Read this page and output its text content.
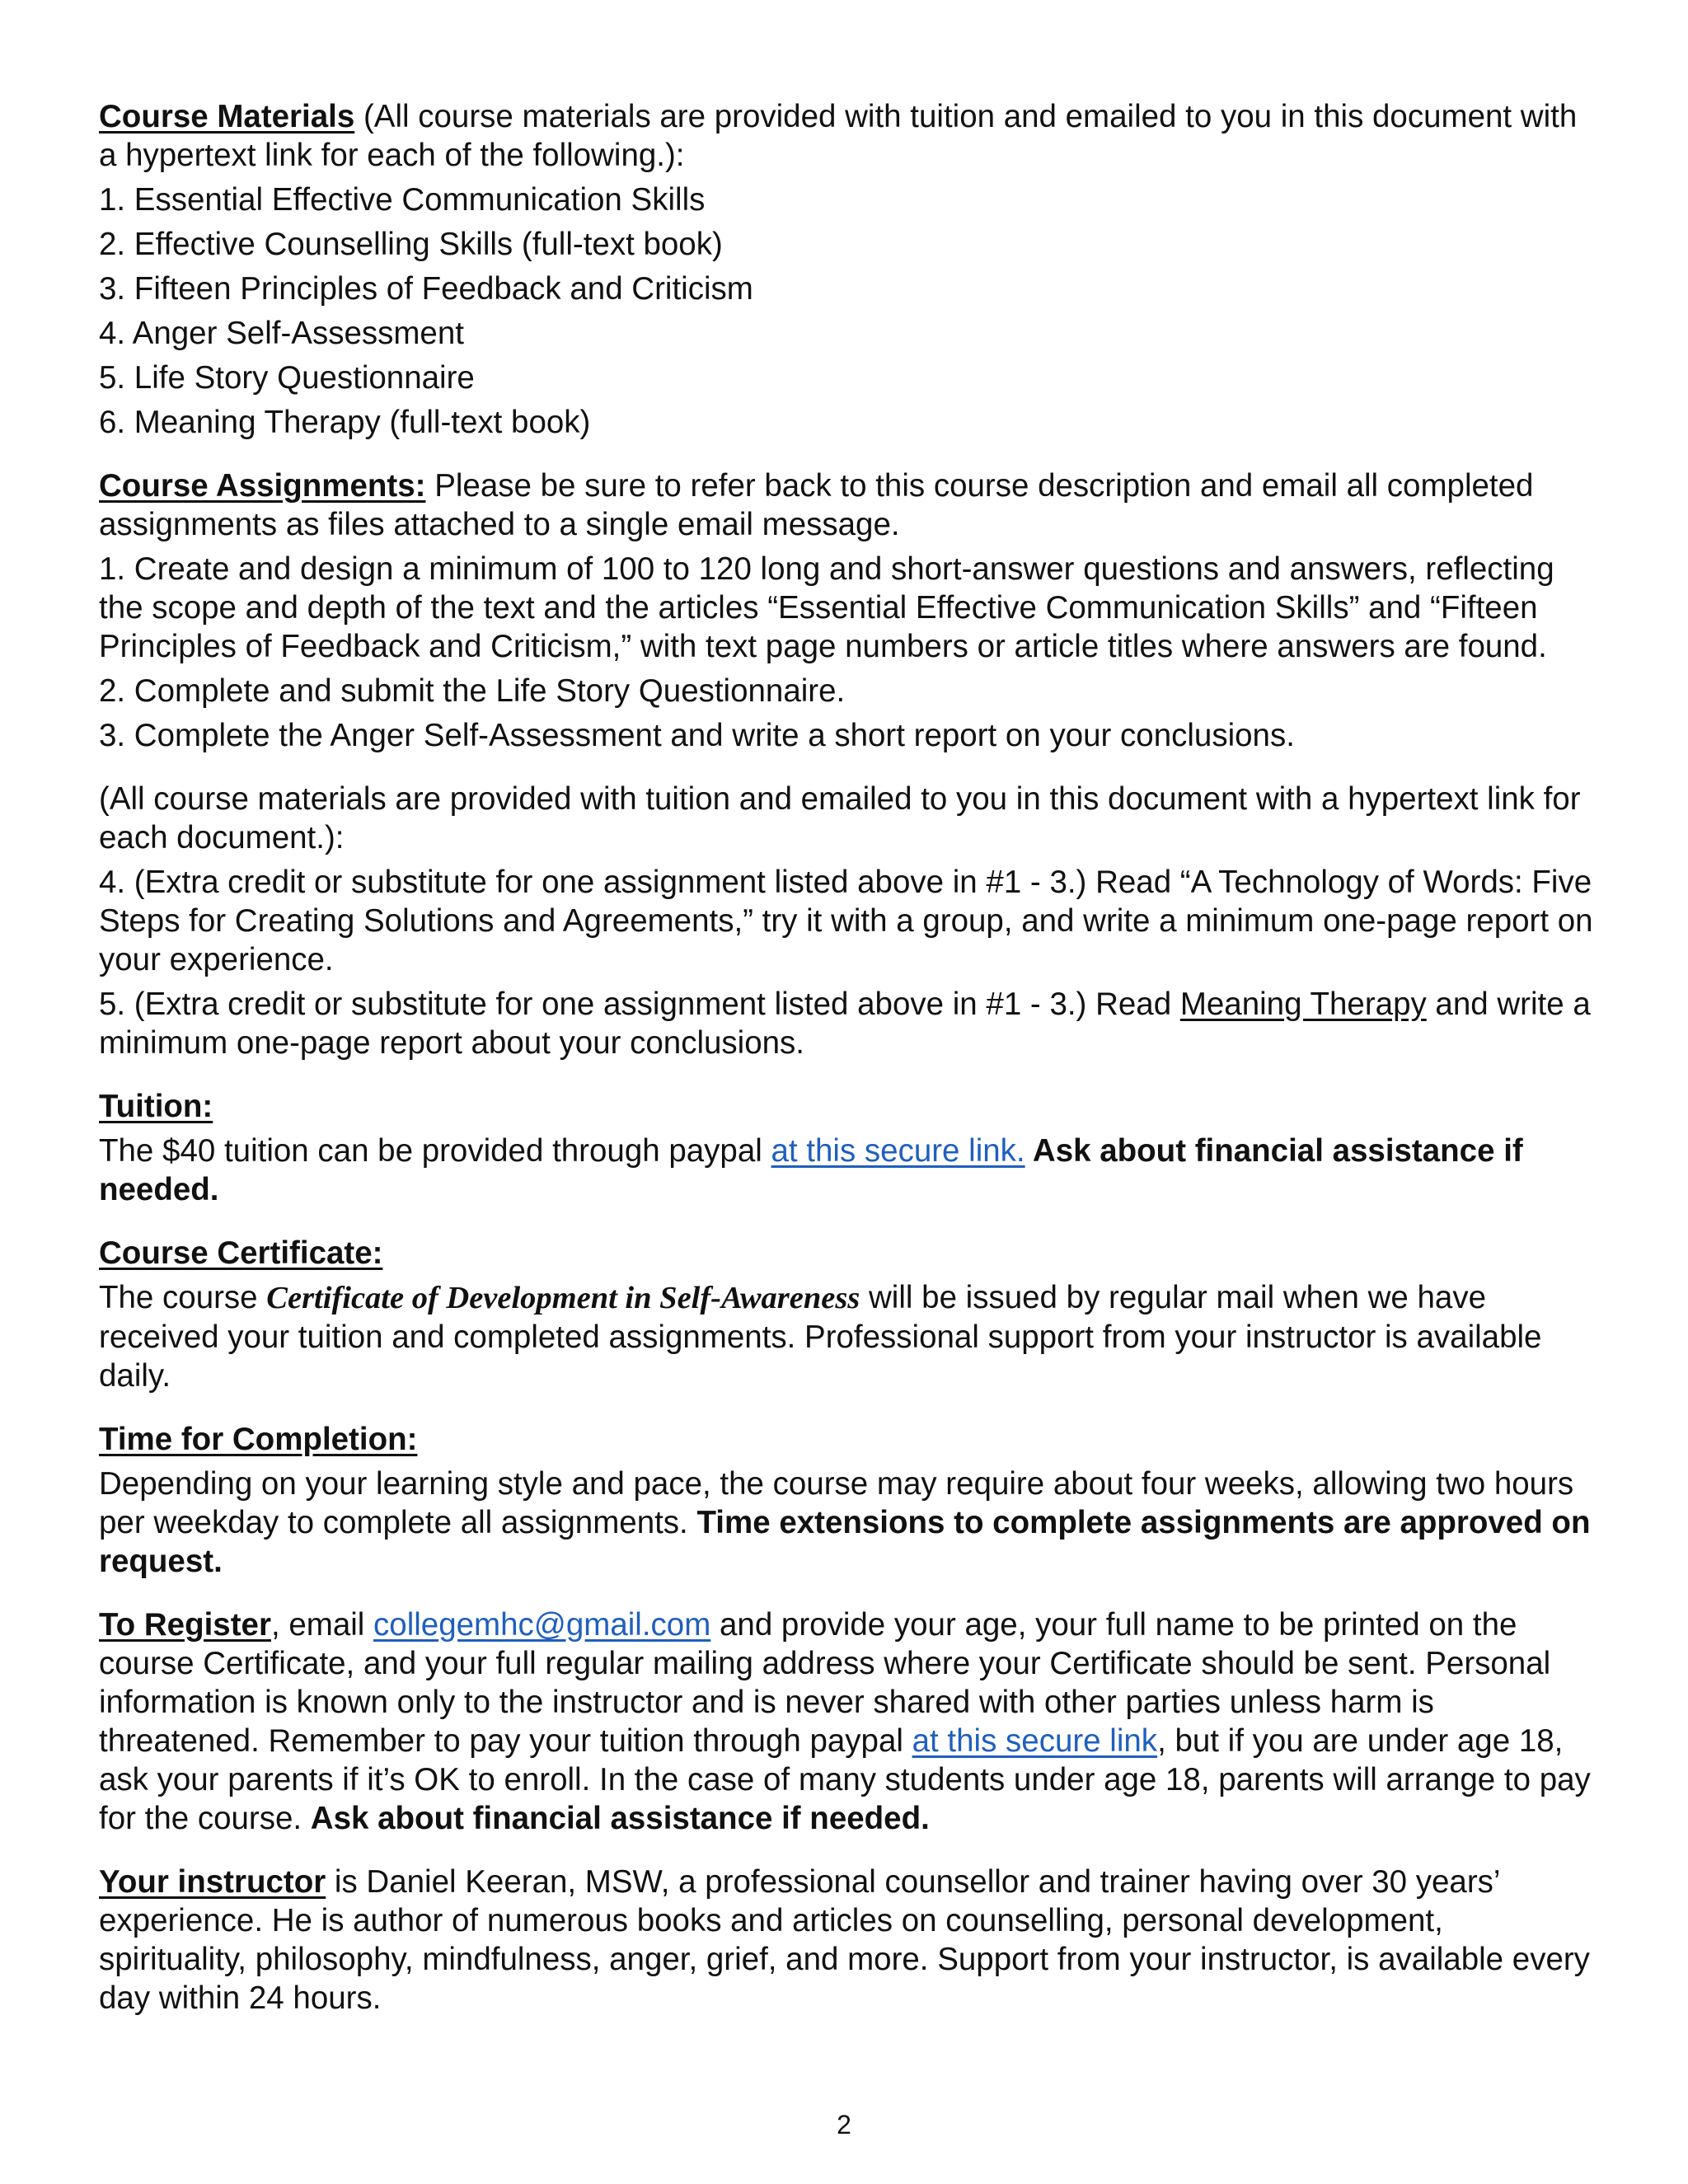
Course Materials (All course materials are provided with tuition and emailed to you in this document with a hypertext link for each of the following.):

1. Essential Effective Communication Skills

2. Effective Counselling Skills (full-text book)

3. Fifteen Principles of Feedback and Criticism

4. Anger Self-Assessment

5. Life Story Questionnaire

6. Meaning Therapy (full-text book)

Course Assignments: Please be sure to refer back to this course description and email all completed assignments as files attached to a single email message.

1. Create and design a minimum of 100 to 120 long and short-answer questions and answers, reflecting the scope and depth of the text and the articles “Essential Effective Communication Skills” and “Fifteen Principles of Feedback and Criticism,” with text page numbers or article titles where answers are found.

2. Complete and submit the Life Story Questionnaire.

3. Complete the Anger Self-Assessment and write a short report on your conclusions.

(All course materials are provided with tuition and emailed to you in this document with a hypertext link for each document.):

4. (Extra credit or substitute for one assignment listed above in #1 - 3.) Read “A Technology of Words: Five Steps for Creating Solutions and Agreements,” try it with a group, and write a minimum one-page report on your experience.

5. (Extra credit or substitute for one assignment listed above in #1 - 3.) Read Meaning Therapy and write a minimum one-page report about your conclusions.

Tuition:

The $40 tuition can be provided through paypal at this secure link. Ask about financial assistance if needed.

Course Certificate:

The course Certificate of Development in Self-Awareness will be issued by regular mail when we have received your tuition and completed assignments. Professional support from your instructor is available daily.

Time for Completion:

Depending on your learning style and pace, the course may require about four weeks, allowing two hours per weekday to complete all assignments. Time extensions to complete assignments are approved on request.

To Register, email collegemhc@gmail.com and provide your age, your full name to be printed on the course Certificate, and your full regular mailing address where your Certificate should be sent. Personal information is known only to the instructor and is never shared with other parties unless harm is threatened. Remember to pay your tuition through paypal at this secure link, but if you are under age 18, ask your parents if it’s OK to enroll. In the case of many students under age 18, parents will arrange to pay for the course. Ask about financial assistance if needed.

Your instructor is Daniel Keeran, MSW, a professional counsellor and trainer having over 30 years’ experience. He is author of numerous books and articles on counselling, personal development, spirituality, philosophy, mindfulness, anger, grief, and more. Support from your instructor, is available every day within 24 hours.

2
